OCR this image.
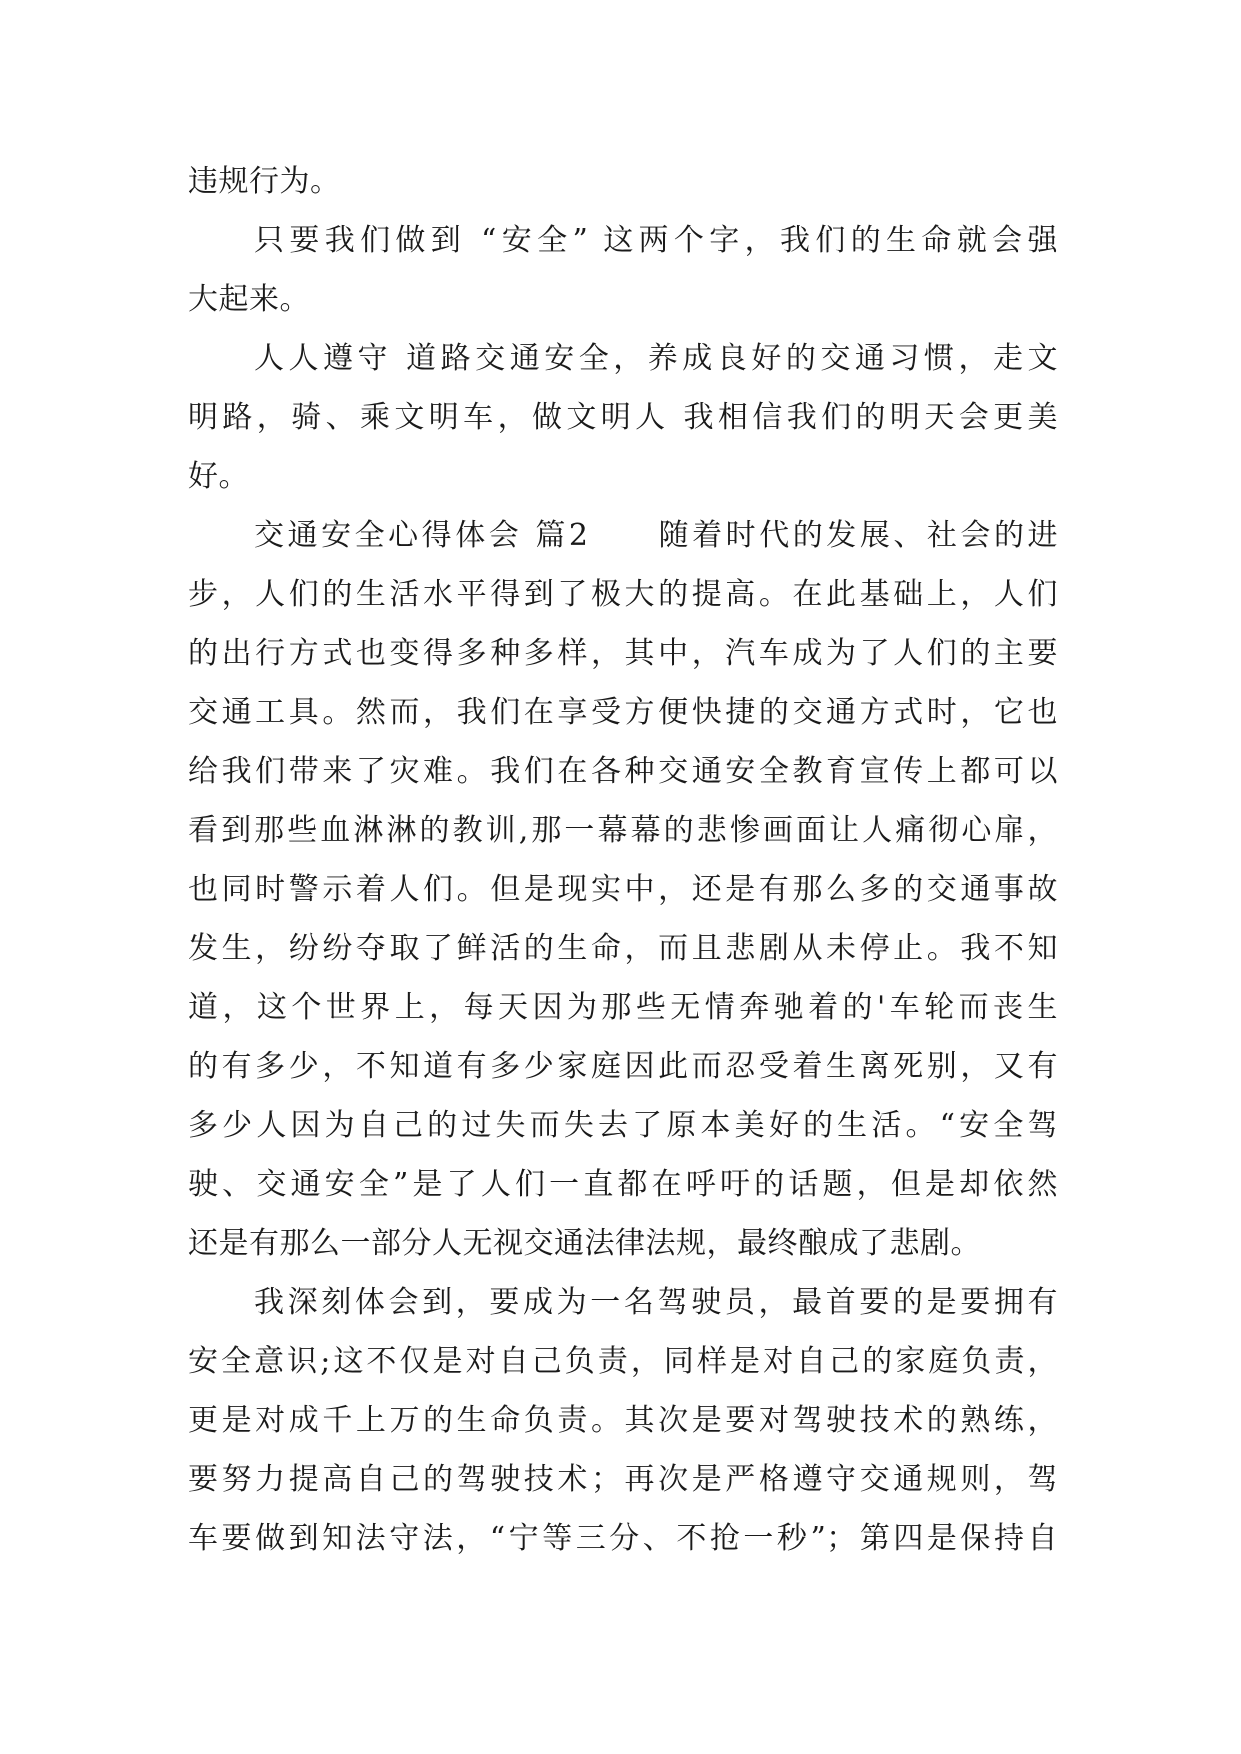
违规行为。
只要我们做到 “安全” 这两个字，我们的生命就会强
大起来。
人人遵守 道路交通安全，养成良好的交通习惯，走文
明路，骑、乘文明车，做文明人 我相信我们的明天会更美
好。
交通安全心得体会 篇2　　随着时代的发展、社会的进
步，人们的生活水平得到了极大的提高。在此基础上，人们
的出行方式也变得多种多样，其中，汽车成为了人们的主要
交通工具。然而，我们在享受方便快捷的交通方式时，它也
给我们带来了灾难。我们在各种交通安全教育宣传上都可以
看到那些血淋淋的教训,那一幕幕的悲惨画面让人痛彻心扉，
也同时警示着人们。但是现实中，还是有那么多的交通事故
发生，纷纷夺取了鲜活的生命，而且悲剧从未停止。我不知
道，这个世界上，每天因为那些无情奔驰着的'车轮而丧生
的有多少，不知道有多少家庭因此而忍受着生离死别，又有
多少人因为自己的过失而失去了原本美好的生活。“安全驾
驶、交通安全”是了人们一直都在呼吁的话题，但是却依然
还是有那么一部分人无视交通法律法规，最终酿成了悲剧。
我深刻体会到，要成为一名驾驶员，最首要的是要拥有
安全意识;这不仅是对自己负责，同样是对自己的家庭负责，
更是对成千上万的生命负责。其次是要对驾驶技术的熟练，
要努力提高自己的驾驶技术；再次是严格遵守交通规则，驾
车要做到知法守法，“宁等三分、不抢一秒”；第四是保持自
